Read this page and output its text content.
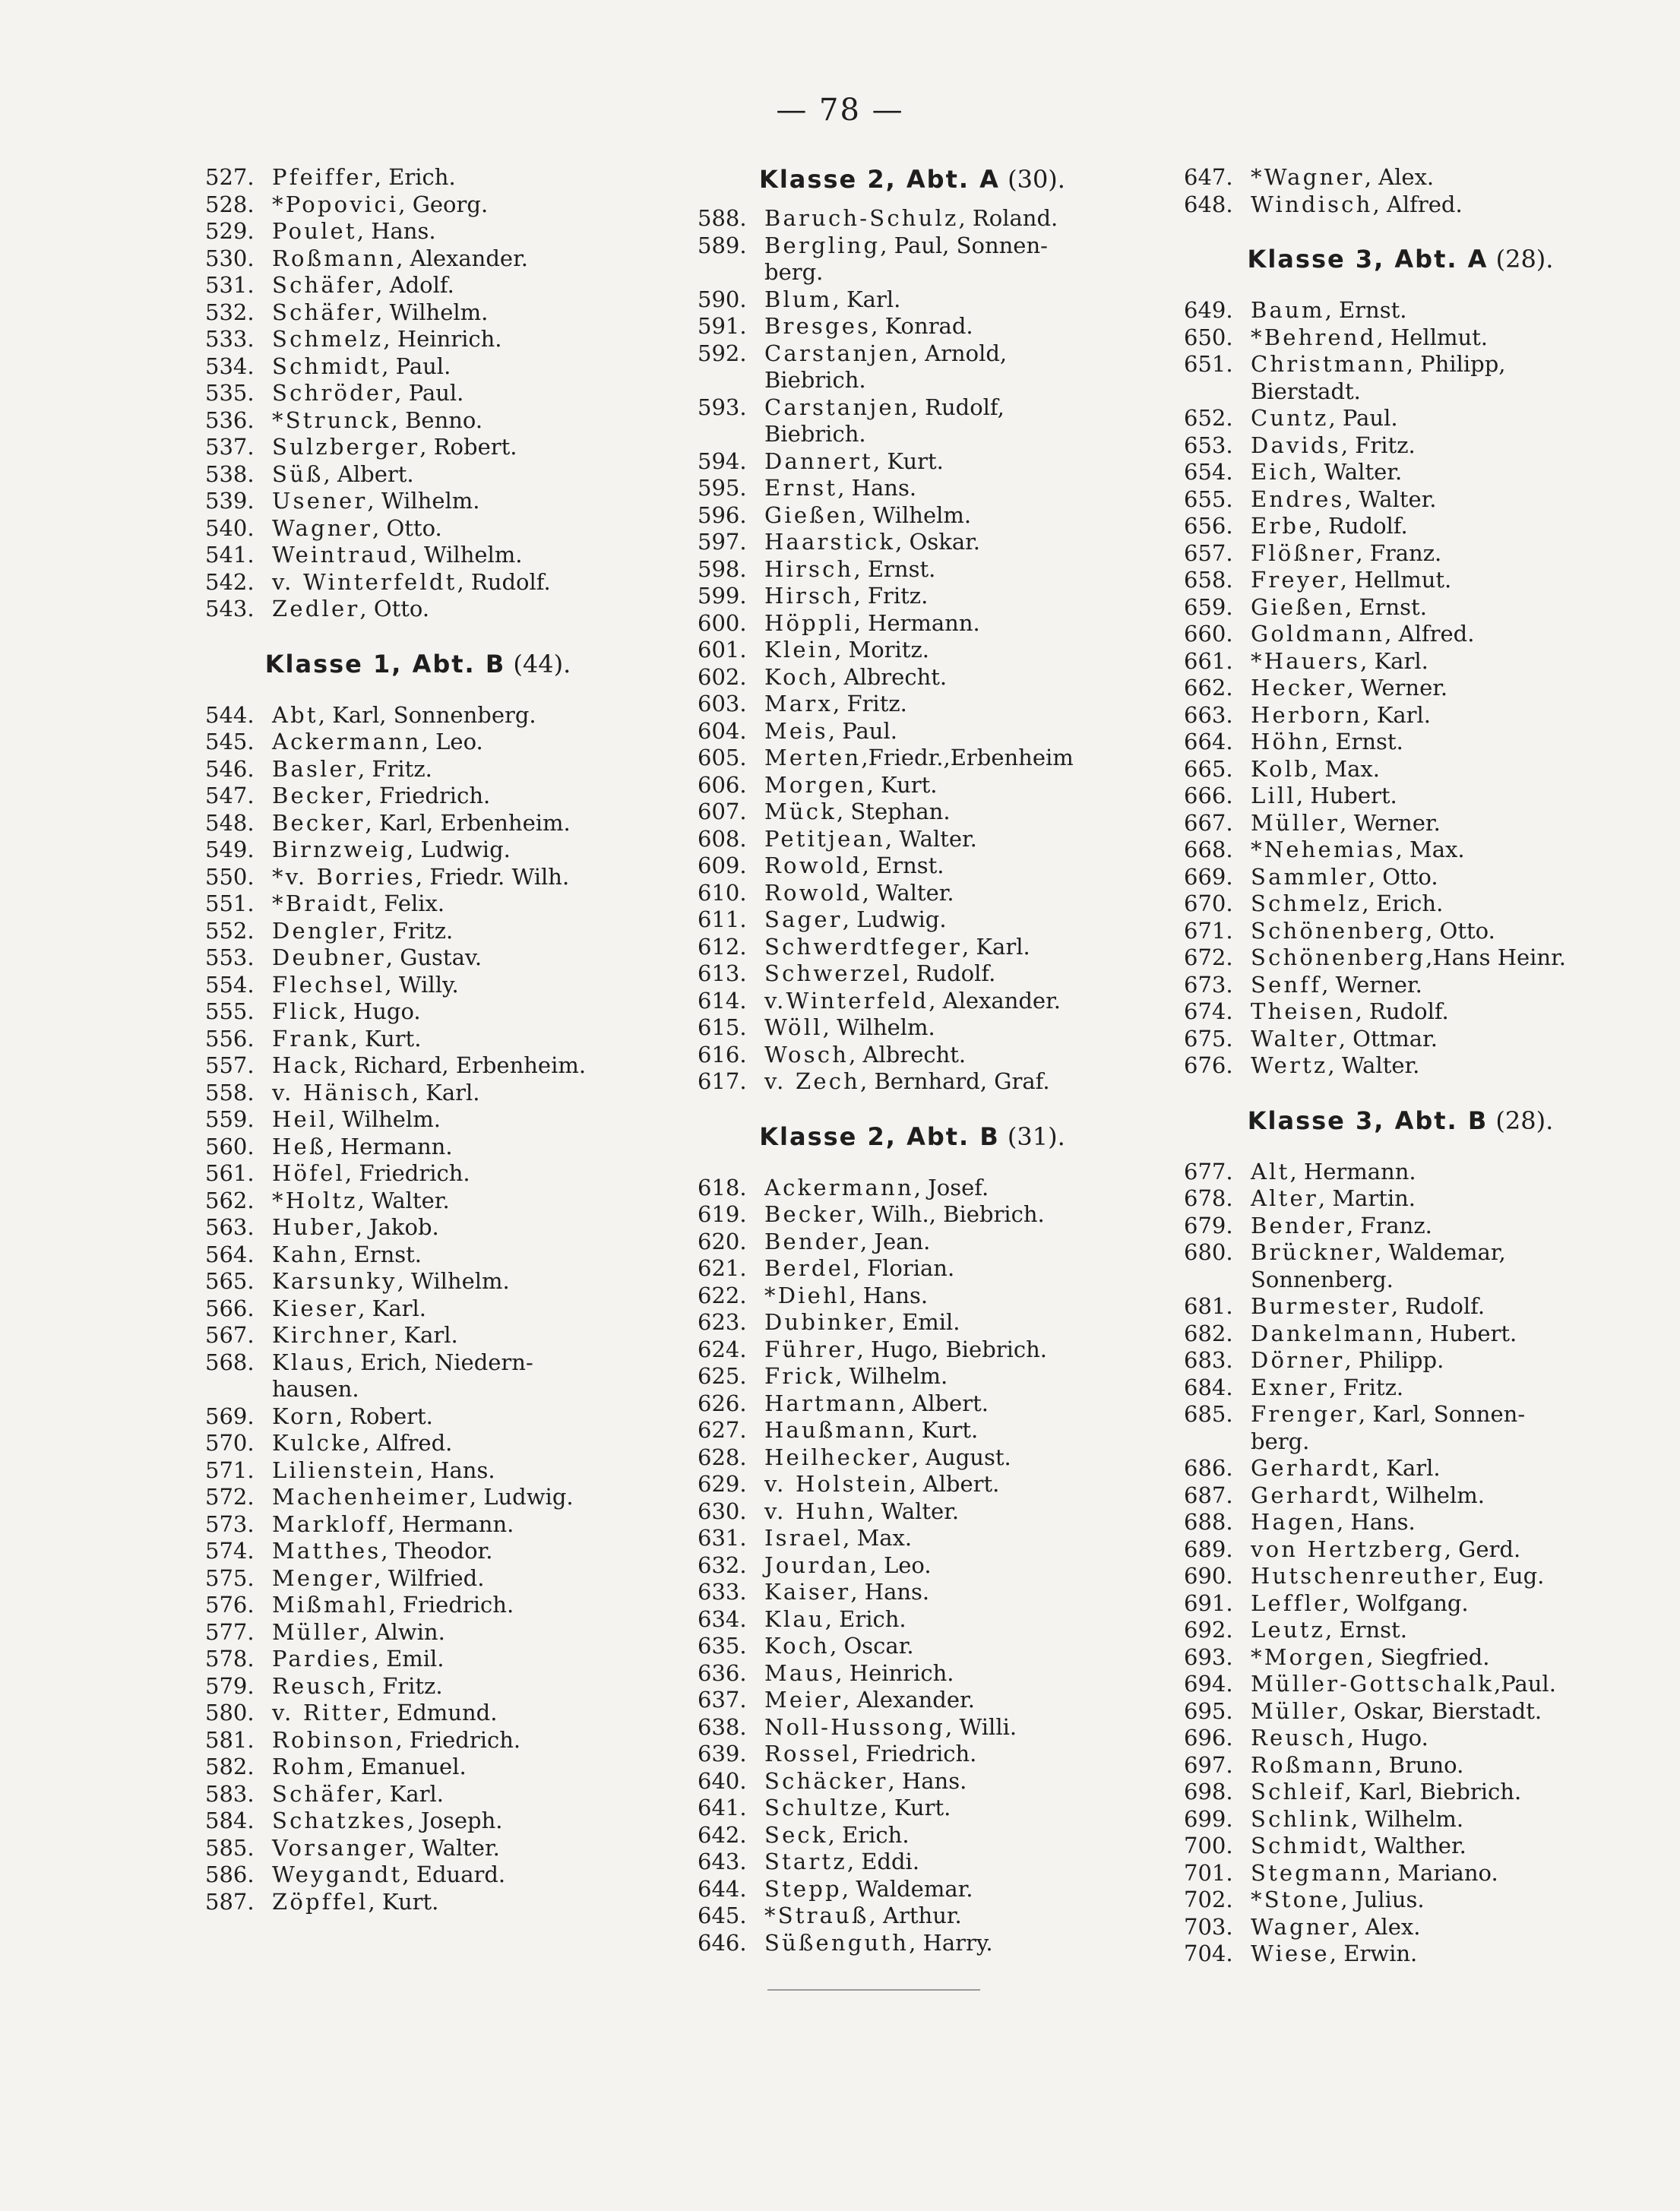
— 78 —
527. Pfeiffer, Erich.
528. *Popovici, Georg.
529. Poulet, Hans.
530. Roßmann, Alexander.
531. Schäfer, Adolf.
532. Schäfer, Wilhelm.
533. Schmelz, Heinrich.
534. Schmidt, Paul.
535. Schröder, Paul.
536. *Strunck, Benno.
537. Sulzberger, Robert.
538. Süß, Albert.
539. Usener, Wilhelm.
540. Wagner, Otto.
541. Weintraud, Wilhelm.
542. v. Winterfeldt, Rudolf.
543. Zedler, Otto.
Klasse 1, Abt. B (44).
544. Abt, Karl, Sonnenberg.
545. Ackermann, Leo.
546. Basler, Fritz.
547. Becker, Friedrich.
548. Becker, Karl, Erbenheim.
549. Birnzweig, Ludwig.
550. *v. Borries, Friedr. Wilh.
551. *Braidt, Felix.
552. Dengler, Fritz.
553. Deubner, Gustav.
554. Flechsel, Willy.
555. Flick, Hugo.
556. Frank, Kurt.
557. Hack, Richard, Erbenheim.
558. v. Hänisch, Karl.
559. Heil, Wilhelm.
560. Heß, Hermann.
561. Höfel, Friedrich.
562. *Holtz, Walter.
563. Huber, Jakob.
564. Kahn, Ernst.
565. Karsunky, Wilhelm.
566. Kieser, Karl.
567. Kirchner, Karl.
568. Klaus, Erich, Niedern-
hausen.
569. Korn, Robert.
570. Kulcke, Alfred.
571. Lilienstein, Hans.
572. Machenheimer, Ludwig.
573. Markloff, Hermann.
574. Matthes, Theodor.
575. Menger, Wilfried.
576. Mißmahl, Friedrich.
577. Müller, Alwin.
578. Pardies, Emil.
579. Reusch, Fritz.
580. v. Ritter, Edmund.
581. Robinson, Friedrich.
582. Rohm, Emanuel.
583. Schäfer, Karl.
584. Schatzkes, Joseph.
585. Vorsanger, Walter.
586. Weygandt, Eduard.
587. Zöpffel, Kurt.
Klasse 2, Abt. A (30).
588. Baruch-Schulz, Roland.
589. Bergling, Paul, Sonnen-
berg.
590. Blum, Karl.
591. Bresges, Konrad.
592. Carstanjen, Arnold,
Biebrich.
593. Carstanjen, Rudolf,
Biebrich.
594. Dannert, Kurt.
595. Ernst, Hans.
596. Gießen, Wilhelm.
597. Haarstick, Oskar.
598. Hirsch, Ernst.
599. Hirsch, Fritz.
600. Höppli, Hermann.
601. Klein, Moritz.
602. Koch, Albrecht.
603. Marx, Fritz.
604. Meis, Paul.
605. Merten,Friedr.,Erbenheim
606. Morgen, Kurt.
607. Mück, Stephan.
608. Petitjean, Walter.
609. Rowold, Ernst.
610. Rowold, Walter.
611. Sager, Ludwig.
612. Schwerdtfeger, Karl.
613. Schwerzel, Rudolf.
614. v.Winterfeld, Alexander.
615. Wöll, Wilhelm.
616. Wosch, Albrecht.
617. v. Zech, Bernhard, Graf.
Klasse 2, Abt. B (31).
618. Ackermann, Josef.
619. Becker, Wilh., Biebrich.
620. Bender, Jean.
621. Berdel, Florian.
622. *Diehl, Hans.
623. Dubinker, Emil.
624. Führer, Hugo, Biebrich.
625. Frick, Wilhelm.
626. Hartmann, Albert.
627. Haußmann, Kurt.
628. Heilhecker, August.
629. v. Holstein, Albert.
630. v. Huhn, Walter.
631. Israel, Max.
632. Jourdan, Leo.
633. Kaiser, Hans.
634. Klau, Erich.
635. Koch, Oscar.
636. Maus, Heinrich.
637. Meier, Alexander.
638. Noll-Hussong, Willi.
639. Rossel, Friedrich.
640. Schäcker, Hans.
641. Schultze, Kurt.
642. Seck, Erich.
643. Startz, Eddi.
644. Stepp, Waldemar.
645. *Strauß, Arthur.
646. Süßenguth, Harry.
647. *Wagner, Alex.
648. Windisch, Alfred.
Klasse 3, Abt. A (28).
649. Baum, Ernst.
650. *Behrend, Hellmut.
651. Christmann, Philipp,
Bierstadt.
652. Cuntz, Paul.
653. Davids, Fritz.
654. Eich, Walter.
655. Endres, Walter.
656. Erbe, Rudolf.
657. Flößner, Franz.
658. Freyer, Hellmut.
659. Gießen, Ernst.
660. Goldmann, Alfred.
661. *Hauers, Karl.
662. Hecker, Werner.
663. Herborn, Karl.
664. Höhn, Ernst.
665. Kolb, Max.
666. Lill, Hubert.
667. Müller, Werner.
668. *Nehemias, Max.
669. Sammler, Otto.
670. Schmelz, Erich.
671. Schönenberg, Otto.
672. Schönenberg,Hans Heinr.
673. Senff, Werner.
674. Theisen, Rudolf.
675. Walter, Ottmar.
676. Wertz, Walter.
Klasse 3, Abt. B (28).
677. Alt, Hermann.
678. Alter, Martin.
679. Bender, Franz.
680. Brückner, Waldemar,
Sonnenberg.
681. Burmester, Rudolf.
682. Dankelmann, Hubert.
683. Dörner, Philipp.
684. Exner, Fritz.
685. Frenger, Karl, Sonnen-
berg.
686. Gerhardt, Karl.
687. Gerhardt, Wilhelm.
688. Hagen, Hans.
689. von Hertzberg, Gerd.
690. Hutschenreuther, Eug.
691. Leffler, Wolfgang.
692. Leutz, Ernst.
693. *Morgen, Siegfried.
694. Müller-Gottschalk,Paul.
695. Müller, Oskar, Bierstadt.
696. Reusch, Hugo.
697. Roßmann, Bruno.
698. Schleif, Karl, Biebrich.
699. Schlink, Wilhelm.
700. Schmidt, Walther.
701. Stegmann, Mariano.
702. *Stone, Julius.
703. Wagner, Alex.
704. Wiese, Erwin.
